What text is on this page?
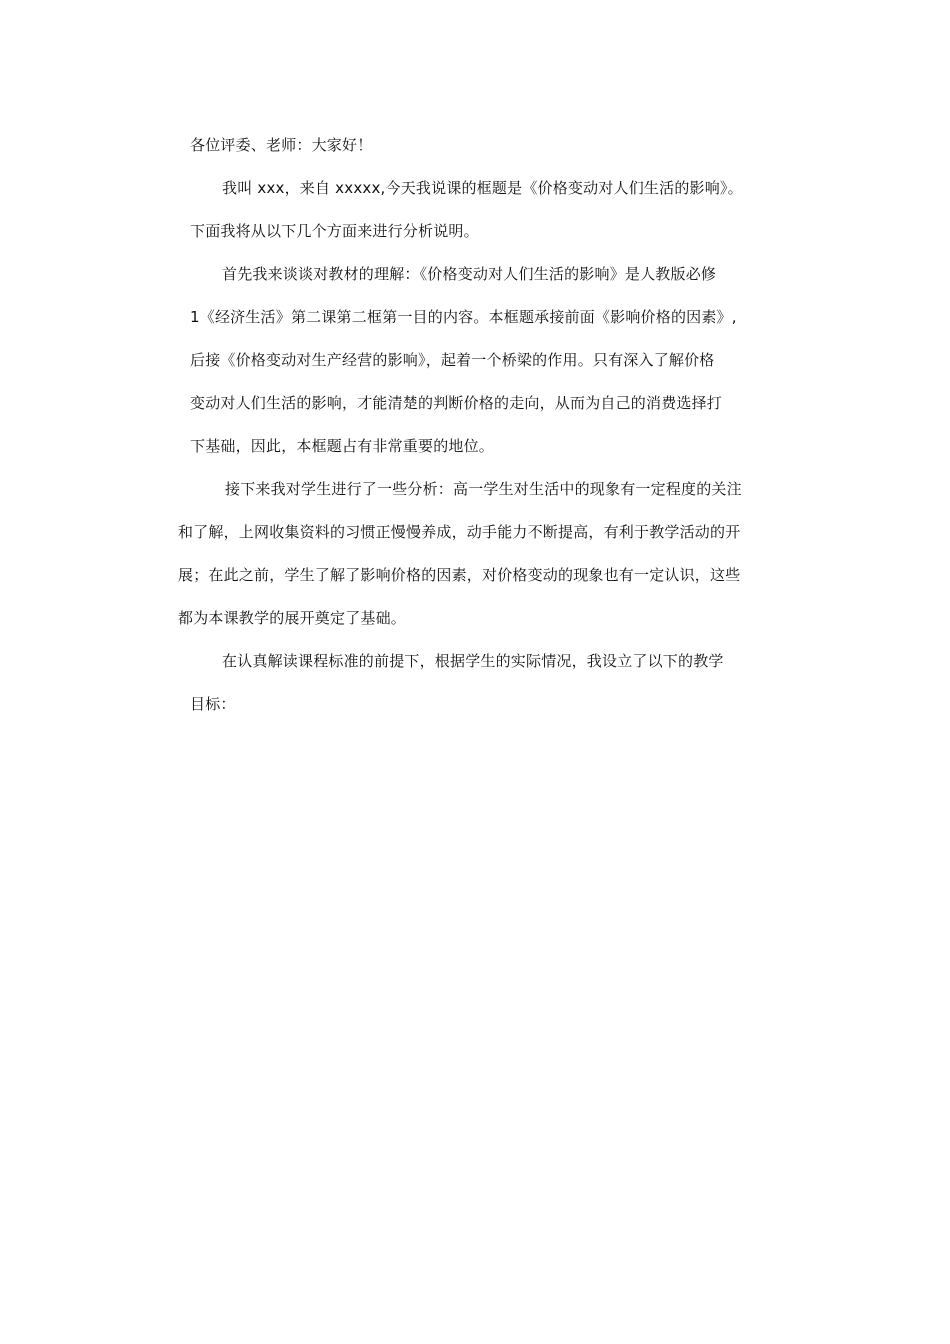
各位评委、老师：大家好！
我叫 xxx，来自 xxxxx,今天我说课的框题是《价格变动对人们生活的影响》。
下面我将从以下几个方面来进行分析说明。
首先我来谈谈对教材的理解：《价格变动对人们生活的影响》是人教版必修
1《经济生活》第二课第二框第一目的内容。本框题承接前面《影响价格的因素》,
后接《价格变动对生产经营的影响》，起着一个桥梁的作用。只有深入了解价格
变动对人们生活的影响，才能清楚的判断价格的走向，从而为自己的消费选择打
下基础，因此，本框题占有非常重要的地位。
接下来我对学生进行了一些分析：高一学生对生活中的现象有一定程度的关注
和了解，上网收集资料的习惯正慢慢养成，动手能力不断提高，有利于教学活动的开
展；在此之前，学生了解了影响价格的因素，对价格变动的现象也有一定认识，这些
都为本课教学的展开奠定了基础。
在认真解读课程标准的前提下，根据学生的实际情况，我设立了以下的教学
目标：
